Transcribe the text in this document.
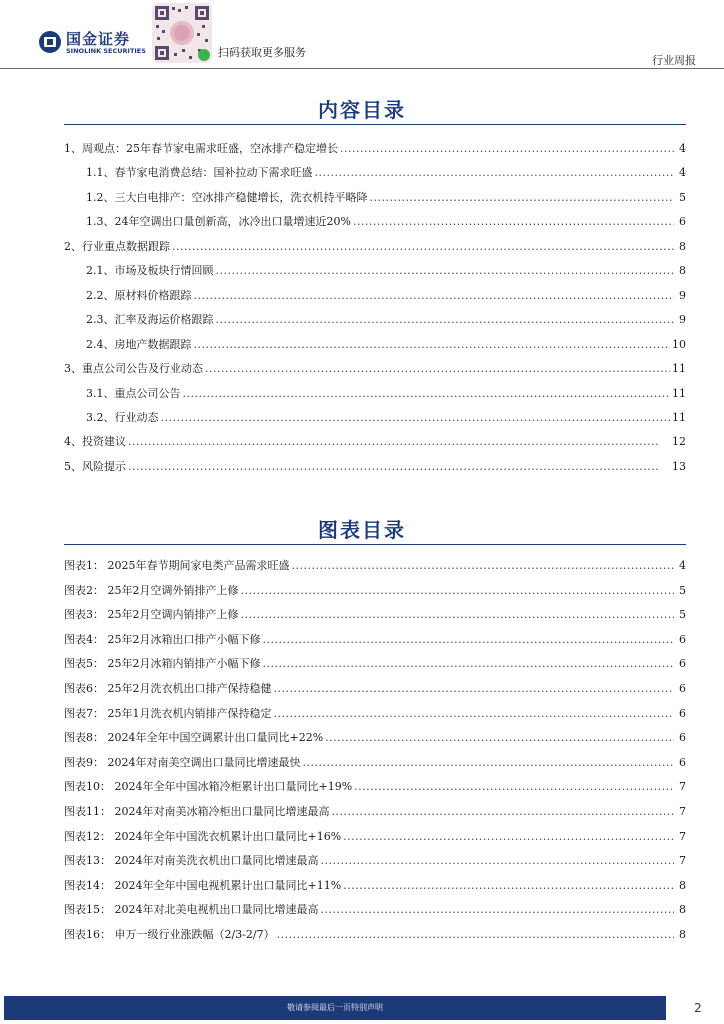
国金证券
SINOLINK SECURITIES	扫码获取更多服务
行业周报
内容目录
1、周观点：25年春节家电需求旺盛，空冰排产稳定增长 . . .	4
1.1、春节家电消费总结：国补拉动下需求旺盛 . . .	4
1.2、三大白电排产：空冰排产稳健增长，洗衣机持平略降 . . .	5
1.3、24年空调出口量创新高，冰冷出口量增速近20% . . .	6
2、行业重点数据跟踪 . . .	8
2.1、市场及板块行情回顾 . . .	8
2.2、原材料价格跟踪 . . .	9
2.3、汇率及海运价格跟踪 . . .	9
2.4、房地产数据跟踪 . . .	10
3、重点公司公告及行业动态 . . .	11
3.1、重点公司公告 . . .	11
3.2、行业动态 . . .	11
4、投资建议 . . .	12
5、风险提示 . . .	13
图表目录
图表1： 2025年春节期间家电类产品需求旺盛 . . .	4
图表2： 25年2月空调外销排产上修 . . .	5
图表3： 25年2月空调内销排产上修 . . .	5
图表4： 25年2月冰箱出口排产小幅下修 . . .	6
图表5： 25年2月冰箱内销排产小幅下修 . . .	6
图表6： 25年2月洗衣机出口排产保持稳健 . . .	6
图表7： 25年1月洗衣机内销排产保持稳定 . . .	6
图表8： 2024年全年中国空调累计出口量同比+22% . . .	6
图表9： 2024年对南美空调出口量同比增速最快 . . .	6
图表10： 2024年全年中国冰箱冷柜累计出口量同比+19% . . .	7
图表11： 2024年对南美冰箱冷柜出口量同比增速最高 . . .	7
图表12： 2024年全年中国洗衣机累计出口量同比+16% . . .	7
图表13： 2024年对南美洗衣机出口量同比增速最高 . . .	7
图表14： 2024年全年中国电视机累计出口量同比+11% . . .	8
图表15： 2024年对北美电视机出口量同比增速最高 . . .	8
图表16： 申万一级行业涨跌幅（2/3-2/7） . . .	8
敬请参阅最后一页特别声明	2
